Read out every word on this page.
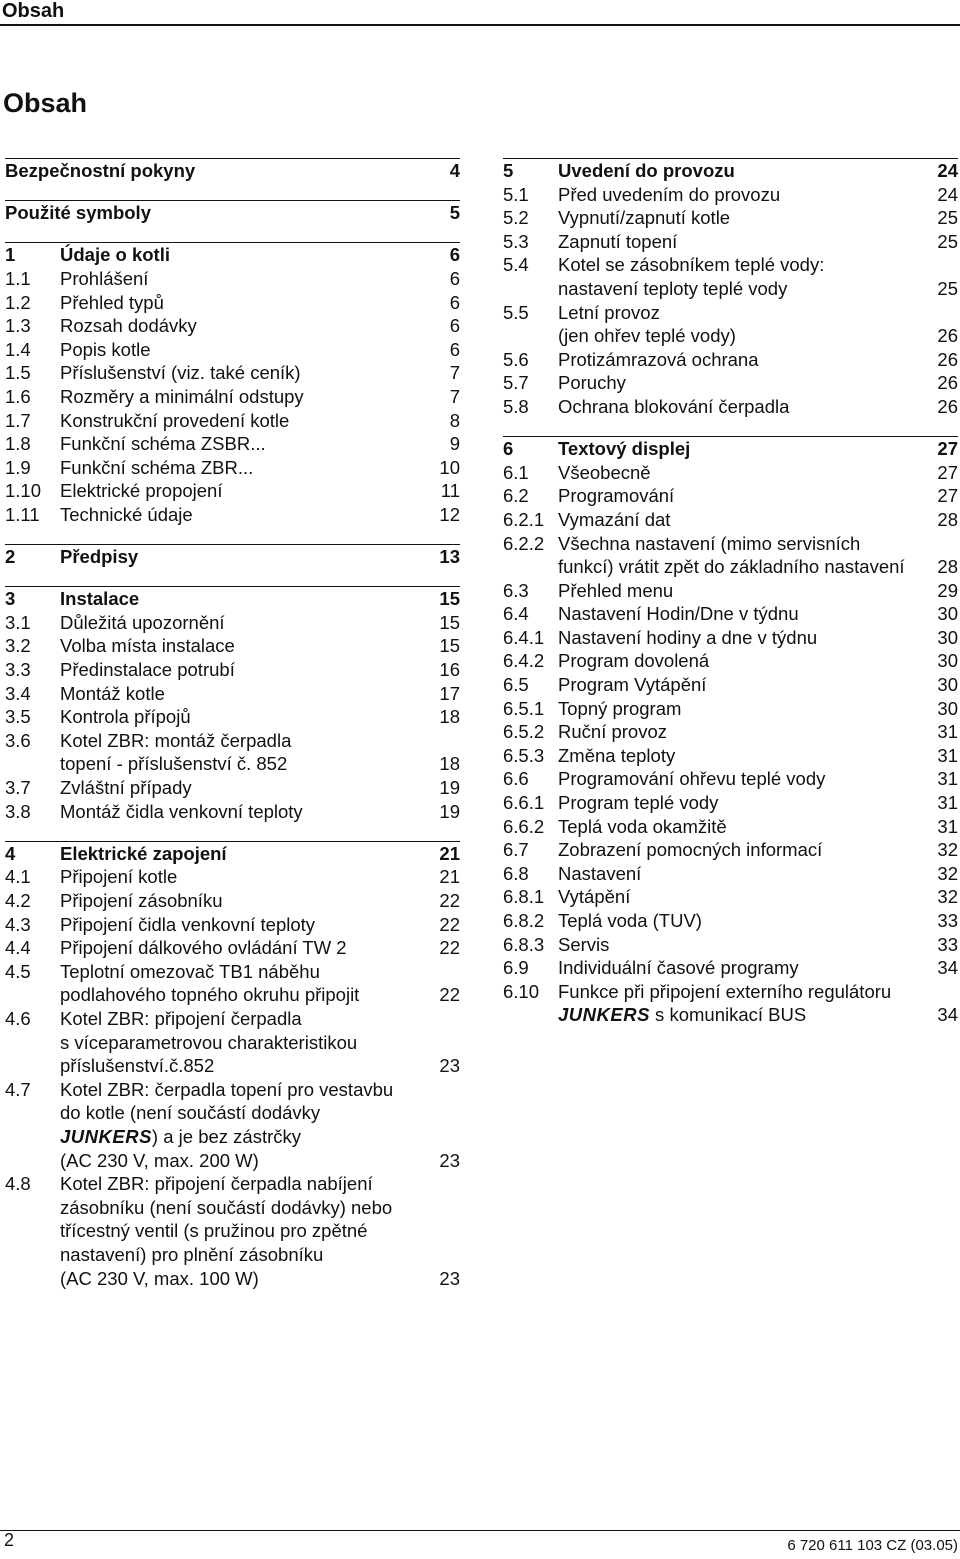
Obsah
Obsah
Bezpečnostní pokyny	4
Použité symboly	5
1	Údaje o kotli	6
1.1	Prohlášení	6
1.2	Přehled typů	6
1.3	Rozsah dodávky	6
1.4	Popis kotle	6
1.5	Příslušenství (viz. také ceník)	7
1.6	Rozměry a minimální odstupy	7
1.7	Konstrukční provedení kotle	8
1.8	Funkční schéma ZSBR...	9
1.9	Funkční schéma ZBR...	10
1.10	Elektrické propojení	11
1.11	Technické údaje	12
2	Předpisy	13
3	Instalace	15
3.1	Důležitá upozornění	15
3.2	Volba místa instalace	15
3.3	Předinstalace potrubí	16
3.4	Montáž kotle	17
3.5	Kontrola přípojů	18
3.6	Kotel ZBR: montáž čerpadla
topení - příslušenství č. 852	18
3.7	Zvláštní případy	19
3.8	Montáž čidla venkovní teploty	19
4	Elektrické zapojení	21
4.1	Připojení kotle	21
4.2	Připojení zásobníku	22
4.3	Připojení čidla venkovní teploty	22
4.4	Připojení dálkového ovládání TW 2	22
4.5	Teplotní omezovač TB1 náběhu
podlahového topného okruhu připojit	22
4.6	Kotel ZBR: připojení čerpadla
s víceparametrovou charakteristikou
příslušenství.č.852	23
4.7	Kotel ZBR: čerpadla topení pro vestavbu
do kotle (není součástí dodávky
JUNKERS) a je bez zástrčky
(AC 230 V, max. 200 W)	23
4.8	Kotel ZBR: připojení čerpadla nabíjení
zásobníku (není součástí dodávky) nebo
třícestný ventil (s pružinou pro zpětné
nastavení) pro plnění zásobníku
(AC 230 V, max. 100 W)	23
5	Uvedení do provozu	24
5.1	Před uvedením do provozu	24
5.2	Vypnutí/zapnutí kotle	25
5.3	Zapnutí topení	25
5.4	Kotel se zásobníkem teplé vody:
nastavení teploty teplé vody	25
5.5	Letní provoz
(jen ohřev teplé vody)	26
5.6	Protizámrazová ochrana	26
5.7	Poruchy	26
5.8	Ochrana blokování čerpadla	26
6	Textový displej	27
6.1	Všeobecně	27
6.2	Programování	27
6.2.1 Vymazání dat	28
6.2.2 Všechna nastavení (mimo servisních
funkcí) vrátit zpět do základního nastavení	28
6.3	Přehled menu	29
6.4	Nastavení Hodin/Dne v týdnu	30
6.4.1 Nastavení hodiny a dne v týdnu	30
6.4.2 Program dovolená	30
6.5	Program Vytápění	30
6.5.1 Topný program	30
6.5.2 Ruční provoz	31
6.5.3 Změna teploty	31
6.6	Programování ohřevu teplé vody	31
6.6.1 Program teplé vody	31
6.6.2 Teplá voda okamžitě	31
6.7	Zobrazení pomocných informací	32
6.8	Nastavení	32
6.8.1 Vytápění	32
6.8.2 Teplá voda (TUV)	33
6.8.3 Servis	33
6.9	Individuální časové programy	34
6.10	Funkce při připojení externího regulátoru
JUNKERS s komunikací BUS	34
2	6 720 611 103 CZ (03.05)
